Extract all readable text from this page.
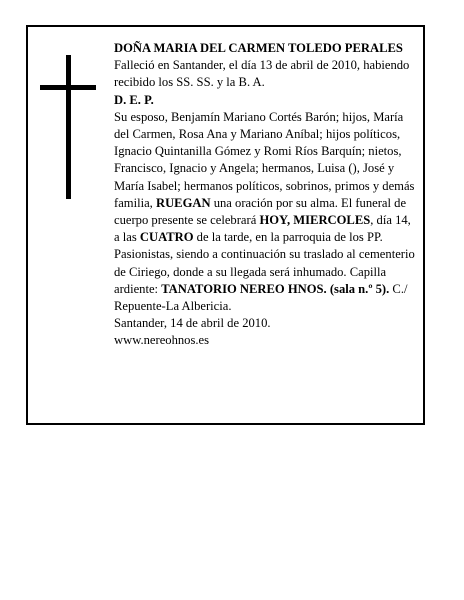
DOÑA MARIA DEL CARMEN TOLEDO PERALES

Falleció en Santander, el día 13 de abril de 2010, habiendo recibido los SS. SS. y la B. A.

D. E. P.

Su esposo, Benjamín Mariano Cortés Barón; hijos, María del Carmen, Rosa Ana y Mariano Aníbal; hijos políticos, Ignacio Quintanilla Gómez y Romi Ríos Barquín; nietos, Francisco, Ignacio y Angela; hermanos, Luisa (), José y María Isabel; hermanos políticos, sobrinos, primos y demás familia, RUEGAN una oración por su alma. El funeral de cuerpo presente se celebrará HOY, MIERCOLES, día 14, a las CUATRO de la tarde, en la parroquia de los PP. Pasionistas, siendo a continuación su traslado al cementerio de Ciriego, donde a su llegada será inhumado. Capilla ardiente: TANATORIO NEREO HNOS. (sala n.º 5). C./ Repuente-La Albericia.

Santander, 14 de abril de 2010.

www.nereohnos.es
